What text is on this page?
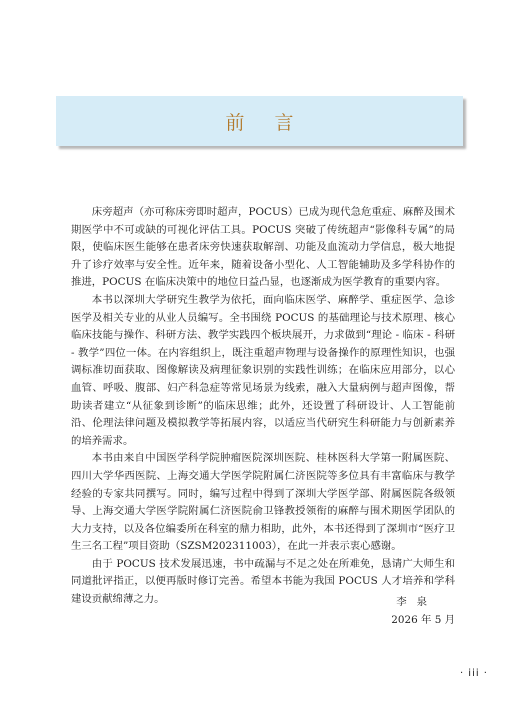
前言

床旁超声（亦可称床旁即时超声，POCUS）已成为现代急危重症、麻醉及围术期医学中不可或缺的可视化评估工具。POCUS 突破了传统超声“影像科专属”的局限，使临床医生能够在患者床旁快速获取解剖、功能及血流动力学信息，极大地提升了诊疗效率与安全性。近年来，随着设备小型化、人工智能辅助及多学科协作的推进，POCUS 在临床决策中的地位日益凸显，也逐渐成为医学教育的重要内容。

本书以深圳大学研究生教学为依托，面向临床医学、麻醉学、重症医学、急诊医学及相关专业的从业人员编写。全书围绕 POCUS 的基础理论与技术原理、核心临床技能与操作、科研方法、教学实践四个板块展开，力求做到“理论 - 临床 - 科研 - 教学”四位一体。在内容组织上，既注重超声物理与设备操作的原理性知识，也强调标准切面获取、图像解读及病理征象识别的实践性训练；在临床应用部分，以心血管、呼吸、腹部、妇产科急症等常见场景为线索，融入大量病例与超声图像，帮助读者建立“从征象到诊断”的临床思维；此外，还设置了科研设计、人工智能前沿、伦理法律问题及模拟教学等拓展内容，以适应当代研究生科研能力与创新素养的培养需求。

本书由来自中国医学科学院肿瘤医院深圳医院、桂林医科大学第一附属医院、四川大学华西医院、上海交通大学医学院附属仁济医院等多位具有丰富临床与教学经验的专家共同撰写。同时，编写过程中得到了深圳大学医学部、附属医院各级领导、上海交通大学医学院附属仁济医院俞卫锋教授领衔的麻醉与围术期医学团队的大力支持，以及各位编委所在科室的鼎力相助，此外，本书还得到了深圳市“医疗卫生三名工程”项目资助（SZSM202311003），在此一并表示衷心感谢。

由于 POCUS 技术发展迅速，书中疏漏与不足之处在所难免，恳请广大师生和同道批评指正，以便再版时修订完善。希望本书能为我国 POCUS 人才培养和学科建设贡献绵薄之力。	李泉
2026 年 5 月
· iii ·
